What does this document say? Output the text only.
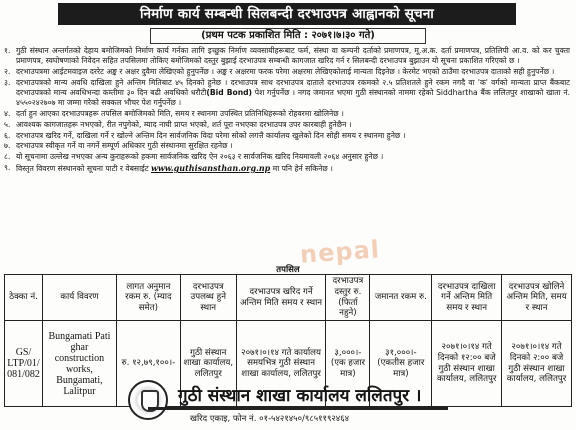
निर्माण कार्य सम्बन्धी सिलबन्दी दरभाउपत्र आह्वानको सूचना
(प्रथम पटक प्रकाशित मिति : २०७१।७।३० गते)
१. गुठी संस्थान अन्तर्गतको देहाय बमोजिमको निर्माण कार्य गर्नका लागि इच्छुक निर्माण व्यवसायीहरूबाट फर्म, संस्था वा कम्पनी दर्ताको प्रमाणपत्र, मू.अ.क. दर्ता प्रमाणपत्र, प्रतिलिपी आ.व. को कर चुक्ता प्रमाणपत्र, स्वघोषणाको निवेदन सहित तपसिलमा तोकिए बमोजिमको दस्तुर बुझाई दरभाउपत्र सम्बन्धी कागजात खरिद गर्न र सिलबन्दी दरभाउपत्र बुझाउन यो सूचना प्रकाशित गरिएको छ ।
२. दरभाउपत्रमा आईटमवाइज दररेट अङ्क र अक्षर दुवैमा लेखिएको हुनुपर्नेछ । अङ्क र अक्षरमा फरक परेमा अक्षरमा लेखिएकोलाई मान्यता दिइनेछ । केरमेट भएको ठाउँमा दरभाउपत्र दाताको सही हुनुपर्नेछ ।
३. दरभाउपत्रको मान्य अवधि दाखिला हुने अन्तिम मितिबाट ४५ दिनको हुनेछ । दरभाउपत्र साथ दरभाउपत्र दाताले दरभाउपत्र रकमको २.५ प्रतिशतले हुने रकम नगदै वा 'क' वर्गको मान्यता प्राप्त बैंकबाट दरभाउपत्रको मान्य अवधिभन्दा कम्तीमा ३० दिन बढी अवधिको धरौटी(Bid Bond) पेश गर्नुपर्नेछ । नगद जमानत भएमा गुठी संस्थानको नाममा रहेको Siddhartha बैंक ललितपुर शाखाको खाता नं. ४५५०२४२७०७ मा जम्मा गरेको सक्कल भौचर पेश गर्नुपर्नेछ ।
४. दर्ता हुन आएका दरभाउपत्रहरू तपसिल बमोजिमको मिति, समय र स्थानमा उपस्थित प्रतिनिधिहरूको रोहवरमा खोलिनेछ ।
५. आवश्यक कागजातहरू नभएको, रीत नपुगेको, म्याद नाघी प्राप्त भएको, शर्त पूरा नभएका दरभाउपत्र उपर कारबाही हुनेछैन ।
६. दरभाउपत्र खरिद गर्ने, दाखिला गर्ने र खोल्ने अन्तिम दिन सार्वजनिक विदा परेमा सोको लगत्तै कार्यालय खुलेको दिन सोही समय र स्थानमा हुनेछ ।
७. दरभाउपत्र स्वीकृत गर्ने वा नगर्ने सम्पूर्ण अधिकार गुठी संस्थानमा सुरक्षित रहनेछ ।
८. यो सूचनामा उल्लेख नभएका अन्य कुराहरूको हकमा सार्वजनिक खरिद ऐन २०६३ र सार्वजनिक खरिद नियमावली २०६४ अनुसार हुनेछ ।
९. विस्तृत विवरण संस्थानको सूचना पाटी र वेबसाईट www.guthisansthan.org.np मा पनि हेर्न सकिनेछ ।
nepal
तपसिल
ठेक्का नं.	कार्य विवरण	लागत अनुमान रकम रु. (म्याद समेत)	दरभाउपत्र उपलब्ध हुने स्थान	दरभाउपत्र खरिद गर्ने अन्तिम मिति समय र स्थान	दरभाउपत्र दस्तुर रु. (फिर्ता नहुने)	जमानत रकम रु.	दरभाउपत्र दाखिला गर्ने अन्तिम मिति समय र स्थान	दरभाउपत्र खोलिने अन्तिम मिति, समय र स्थान
GS/ LTP/01/ 081/082	Bungamati Pati ghar construction works, Bungamati, Lalitpur	रु. १२,७९,१००।-	गुठी संस्थान शाखा कार्यालय, ललितपुर	२०७१।०।१४ गते कार्यालय समयभित्र गुठी संस्थान शाखा कार्यालय, ललितपुर	३,०००।- (एक हजार मात्र)	३१,०००।- (एकतीस हजार मात्र)	२०७१।०।१४ गते दिनको १२:०० बजे गुठी संस्थान शाखा कार्यालय, ललितपुर	२०७१।०।१४ गते दिनको २:०० बजे गुठी संस्थान शाखा कार्यालय, ललितपुर
गुठी संस्थान शाखा कार्यालय ललितपुर ।
खरिद एकाइ, फोन नं. ०१-५४२१४५०/९८५११९२४६४
